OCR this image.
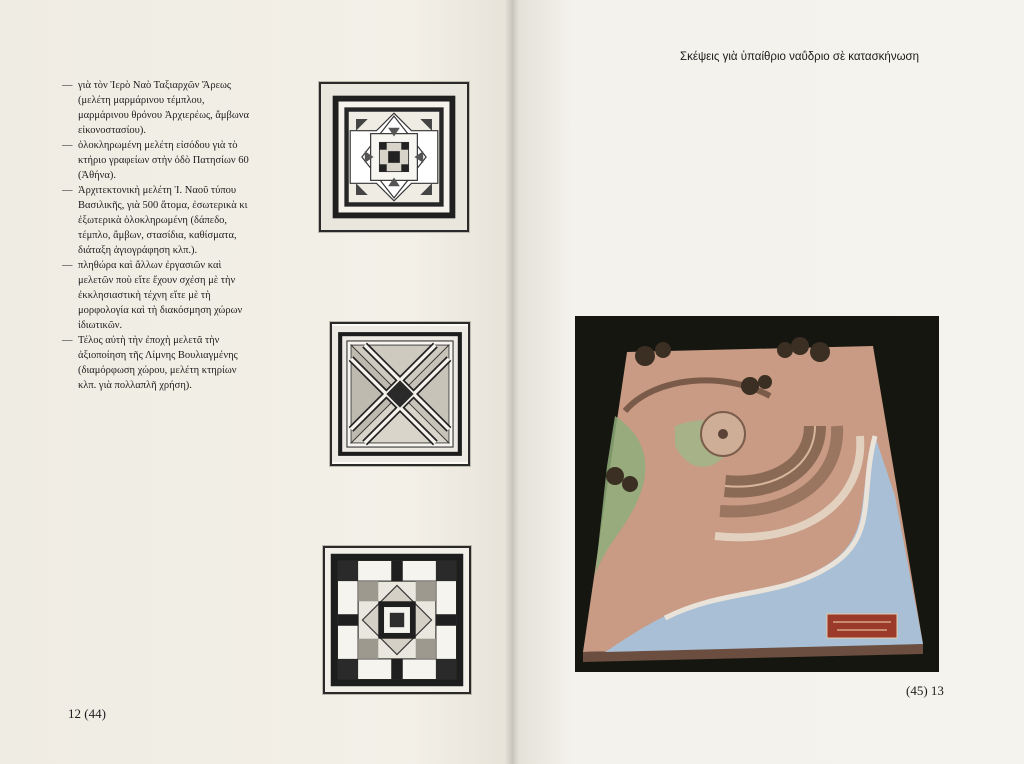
— γιὰ τὸν Ἱερὸ Ναὸ Ταξιαρχῶν Ἄρεως (μελέτη μαρμάρινου τέμπλου, μαρμάρινου θρόνου Ἀρχιερέως, ἄμβωνα εἰκονοστασίου).

— ὁλοκληρωμένη μελέτη εἰσόδου γιὰ τὸ κτήριο γραφείων στὴν ὁδὸ Πατησίων 60 (Ἀθήνα).

— Ἀρχιτεκτονικὴ μελέτη Ἱ. Ναοῦ τύπου Βασιλικῆς, γιὰ 500 ἄτομα, ἐσωτερικὰ κι ἐξωτερικὰ ὁλοκληρωμένη (δάπεδο, τέμπλο, ἄμβων, στασίδια, καθίσματα, διάταξη ἁγιογράφηση κλπ.).

— πληθώρα καὶ ἄλλων ἐργασιῶν καὶ μελετῶν ποὺ εἴτε ἔχουν σχέση μὲ τὴν ἐκκλησιαστικὴ τέχνη εἴτε μὲ τὴ μορφολογία καὶ τὴ διακόσμηση χώρων ἰδιωτικῶν.

— Τέλος αὐτὴ τὴν ἐποχὴ μελετᾶ τὴν ἀξιοποίηση τῆς Λίμνης Βουλιαγμένης (διαμόρφωση χώρου, μελέτη κτηρίων κλπ. γιὰ πολλαπλῆ χρήση).

12 (44)
Σκέψεις γιὰ ὑπαίθριο ναΰδριο σὲ κατασκήνωση
(45) 13
